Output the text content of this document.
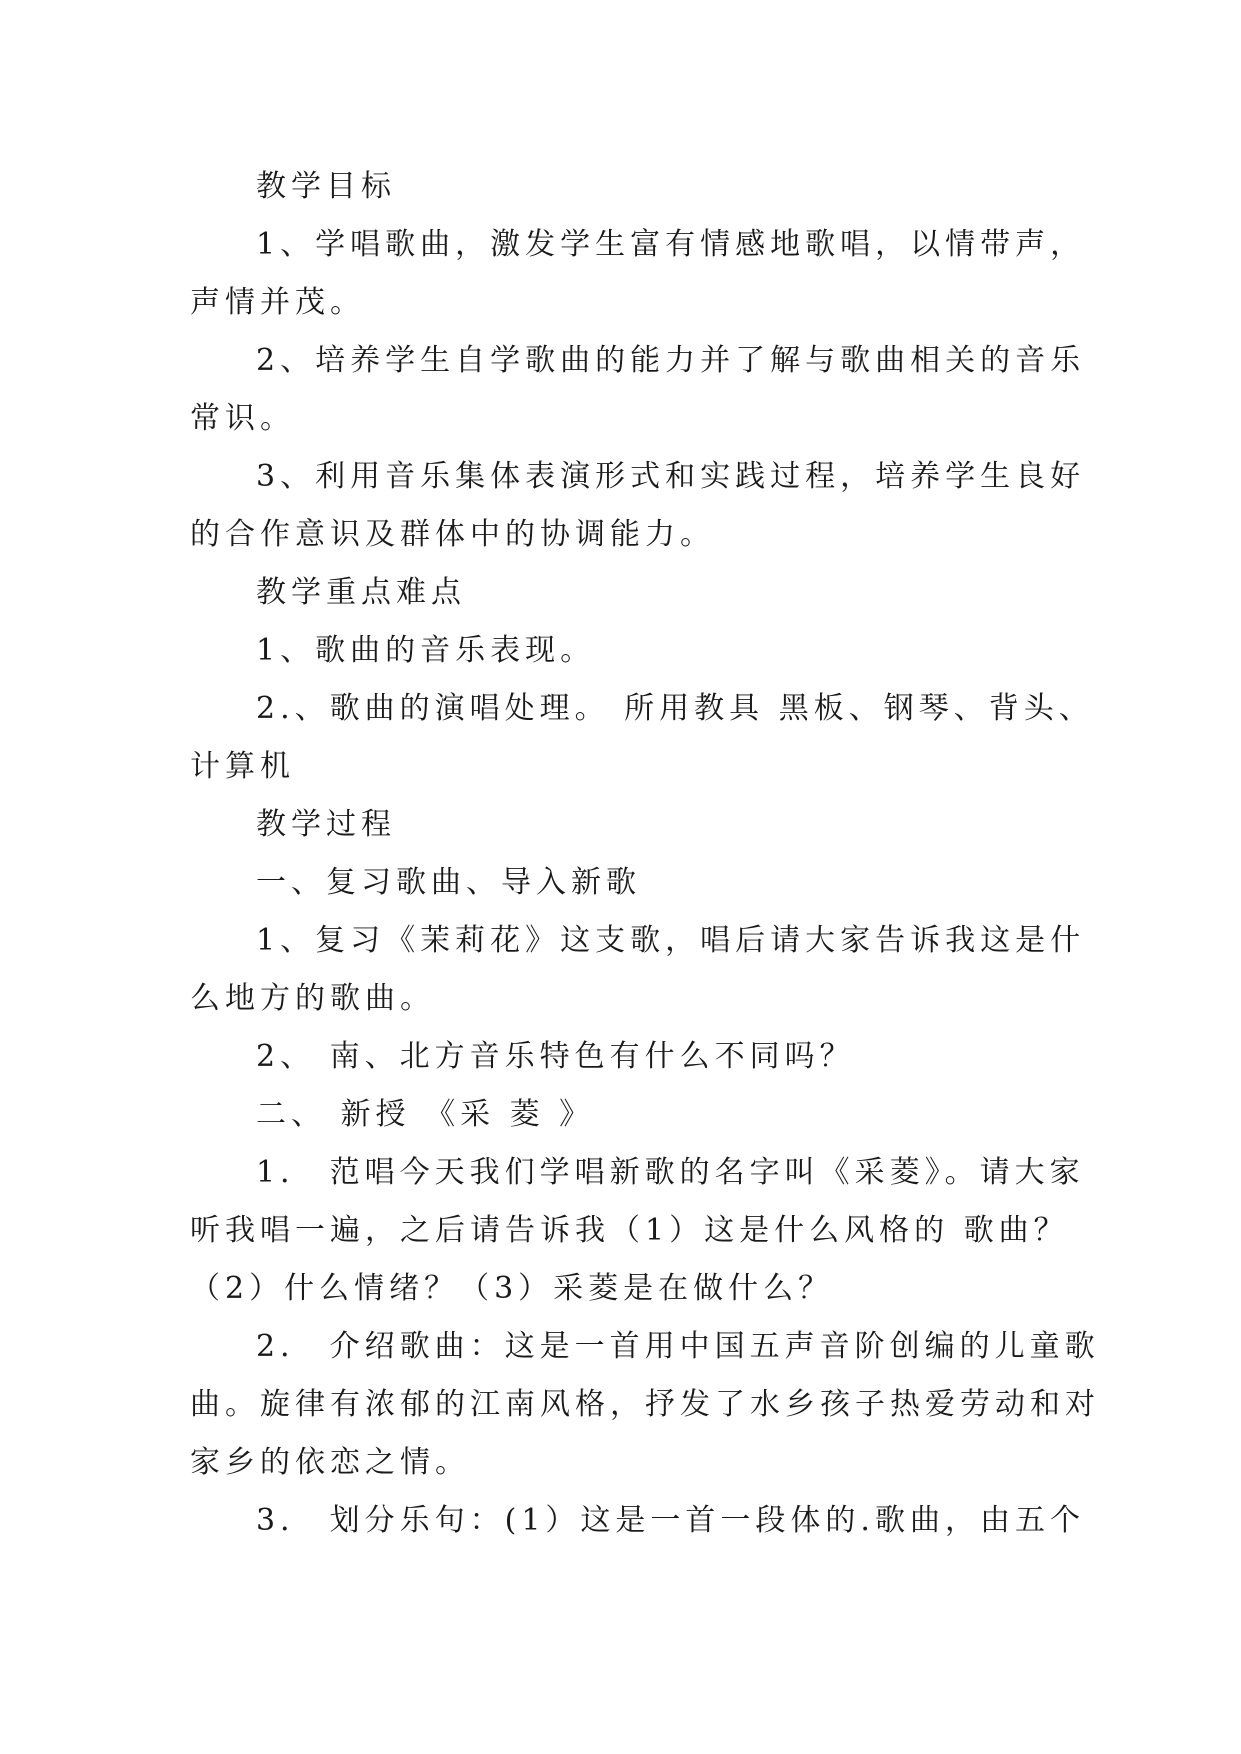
教学目标
1、学唱歌曲，激发学生富有情感地歌唱，以情带声，
声情并茂。
2、培养学生自学歌曲的能力并了解与歌曲相关的音乐
常识。
3、利用音乐集体表演形式和实践过程，培养学生良好
的合作意识及群体中的协调能力。
教学重点难点
1、歌曲的音乐表现。
2.、歌曲的演唱处理。 所用教具 黑板、钢琴、背头、
计算机
教学过程
一、复习歌曲、导入新歌
1、复习《茉莉花》这支歌，唱后请大家告诉我这是什
么地方的歌曲。
2、 南、北方音乐特色有什么不同吗？
二、 新授 《采 菱 》
1． 范唱今天我们学唱新歌的名字叫《采菱》。请大家
听我唱一遍，之后请告诉我（1）这是什么风格的 歌曲？
（2）什么情绪？（3）采菱是在做什么？
2． 介绍歌曲：这是一首用中国五声音阶创编的儿童歌
曲。旋律有浓郁的江南风格，抒发了水乡孩子热爱劳动和对
家乡的依恋之情。
3． 划分乐句：(1）这是一首一段体的.歌曲，由五个
